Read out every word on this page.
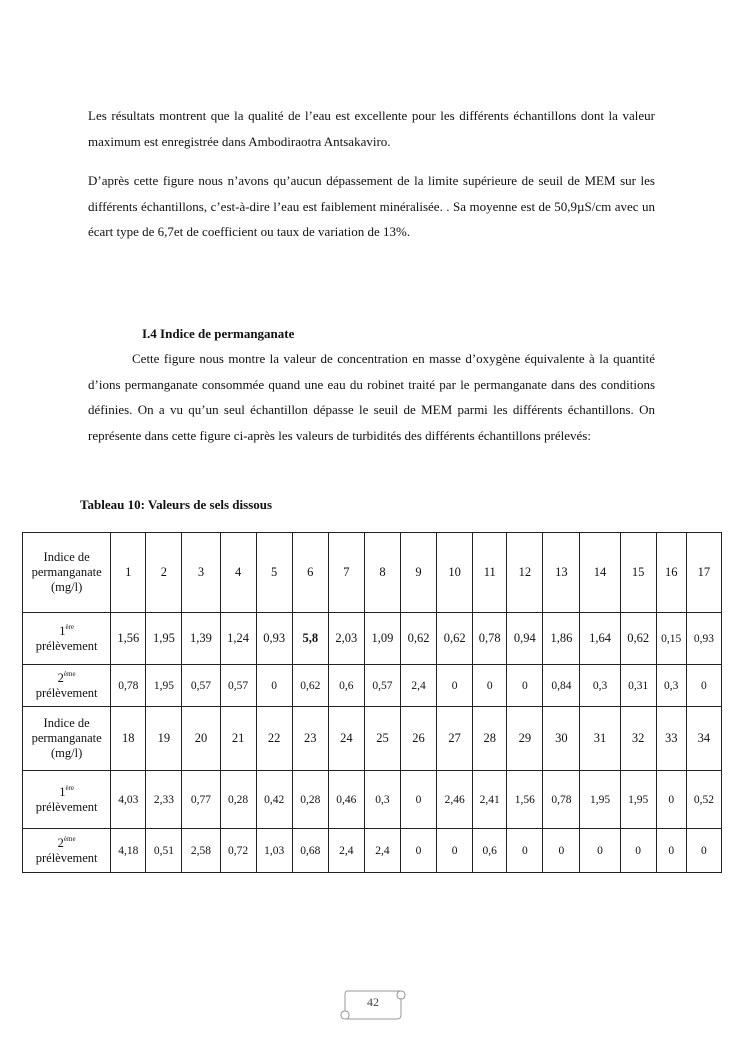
Les résultats montrent que la qualité de l’eau est excellente pour les différents échantillons dont la valeur maximum est enregistrée dans Ambodiraotra Antsakaviro.

D’après cette figure nous n’avons qu’aucun dépassement de la limite supérieure de seuil de MEM sur les différents échantillons, c’est-à-dire l’eau est faiblement minéralisée. . Sa moyenne est de 50,9µS/cm avec un écart type de 6,7et de coefficient ou taux de variation de 13%.

I.4 Indice de permanganate

Cette figure nous montre la valeur de concentration en masse d’oxygène équivalente à la quantité d’ions permanganate consommée quand une eau du robinet traité par le permanganate dans des conditions définies. On a vu qu’un seul échantillon dépasse le seuil de MEM parmi les différents échantillons. On représente dans cette figure ci-après les valeurs de turbidités des différents échantillons prélevés:

Tableau 10: Valeurs de sels dissous

Indice de permanganate (mg/l)	1	2	3	4	5	6	7	8	9	10	11	12	13	14	15	16	17
1ère
prélèvement	1,56	1,95	1,39	1,24	0,93	5,8	2,03	1,09	0,62	0,62	0,78	0,94	1,86	1,64	0,62	0,15	0,93
2ème
prélèvement	0,78	1,95	0,57	0,57	0	0,62	0,6	0,57	2,4	0	0	0	0,84	0,3	0,31	0,3	0
Indice de permanganate (mg/l)	18	19	20	21	22	23	24	25	26	27	28	29	30	31	32	33	34
1ère
prélèvement	4,03	2,33	0,77	0,28	0,42	0,28	0,46	0,3	0	2,46	2,41	1,56	0,78	1,95	1,95	0	0,52
2ème
prélèvement	4,18	0,51	2,58	0,72	1,03	0,68	2,4	2,4	0	0	0,6	0	0	0	0	0	0
42
